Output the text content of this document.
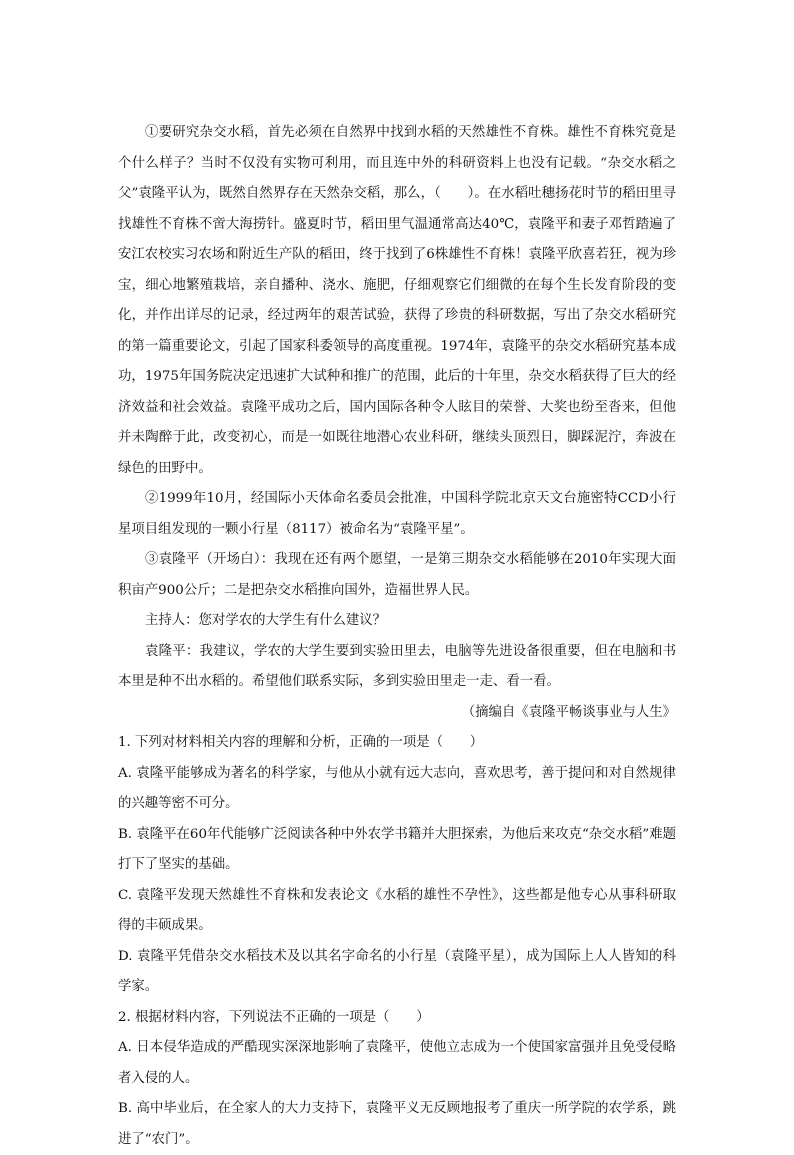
①要研究杂交水稻，首先必须在自然界中找到水稻的天然雄性不育株。雄性不育株究竟是个什么样子？当时不仅没有实物可利用，而且连中外的科研资料上也没有记载。“杂交水稻之父”袁隆平认为，既然自然界存在天然杂交稻，那么，（　　）。在水稻吐穗扬花时节的稻田里寻找雄性不育株不啻大海捞针。盛夏时节，稻田里气温通常高达40℃，袁隆平和妻子邓哲踏遍了安江农校实习农场和附近生产队的稻田，终于找到了6株雄性不育株！袁隆平欣喜若狂，视为珍宝，细心地繁殖栽培，亲自播种、浇水、施肥，仔细观察它们细微的在每个生长发育阶段的变化，并作出详尽的记录，经过两年的艰苦试验，获得了珍贵的科研数据，写出了杂交水稻研究的第一篇重要论文，引起了国家科委领导的高度重视。1974年，袁隆平的杂交水稻研究基本成功，1975年国务院决定迅速扩大试种和推广的范围，此后的十年里，杂交水稻获得了巨大的经济效益和社会效益。袁隆平成功之后，国内国际各种令人眩目的荣誉、大奖也纷至沓来，但他并未陶醉于此，改变初心，而是一如既往地潜心农业科研，继续头顶烈日，脚踩泥泞，奔波在绿色的田野中。

②1999年10月，经国际小天体命名委员会批准，中国科学院北京天文台施密特CCD小行星项目组发现的一颗小行星（8117）被命名为“袁隆平星”。

③袁隆平（开场白）：我现在还有两个愿望，一是第三期杂交水稻能够在2010年实现大面积亩产900公斤；二是把杂交水稻推向国外，造福世界人民。

主持人：您对学农的大学生有什么建议？

袁隆平：我建议，学农的大学生要到实验田里去，电脑等先进设备很重要，但在电脑和书本里是种不出水稻的。希望他们联系实际，多到实验田里走一走、看一看。

（摘编自《袁隆平畅谈事业与人生》

1. 下列对材料相关内容的理解和分析，正确的一项是（　　）

A. 袁隆平能够成为著名的科学家，与他从小就有远大志向，喜欢思考，善于提问和对自然规律的兴趣等密不可分。

B. 袁隆平在60年代能够广泛阅读各种中外农学书籍并大胆探索，为他后来攻克“杂交水稻”难题打下了坚实的基础。

C. 袁隆平发现天然雄性不育株和发表论文《水稻的雄性不孕性》，这些都是他专心从事科研取得的丰硕成果。

D. 袁隆平凭借杂交水稻技术及以其名字命名的小行星（袁隆平星），成为国际上人人皆知的科学家。

2. 根据材料内容，下列说法不正确的一项是（　　）

A. 日本侵华造成的严酷现实深深地影响了袁隆平，使他立志成为一个使国家富强并且免受侵略者入侵的人。

B. 高中毕业后，在全家人的大力支持下，袁隆平义无反顾地报考了重庆一所学院的农学系，跳进了“农门”。
